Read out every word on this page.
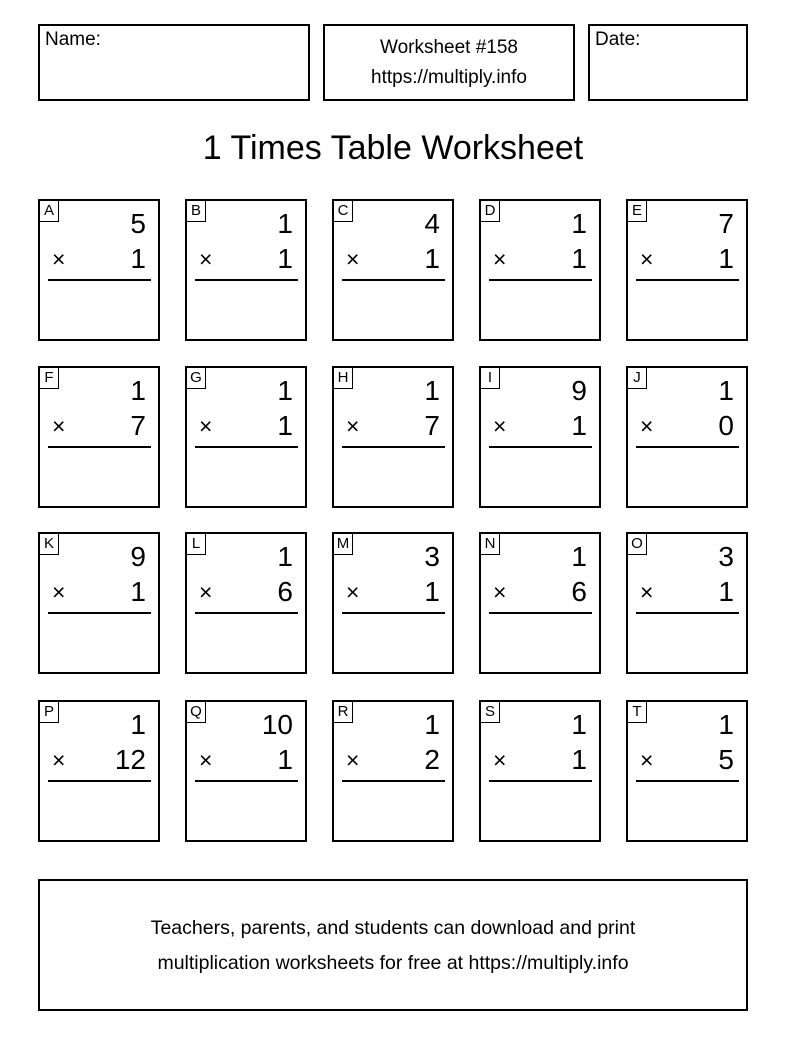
Name:	Worksheet #158
https://multiply.info
Date:
1 Times Table Worksheet
A	5
× 1
B	1
× 1
C	4
× 1
D	1
× 1
E	7
× 1
F	1
× 7
G	1
× 1
H	1
× 7
I	9
× 1
J	1
× 0
K	9
× 1
L	1
× 6
M	3
× 1
N	1
× 6
O	3
× 1
P	1
× 12
Q 10
× 1
R	1
× 2
S	1
× 1
T	1
× 5
Teachers, parents, and students can download and print
multiplication worksheets for free at https://multiply.info
